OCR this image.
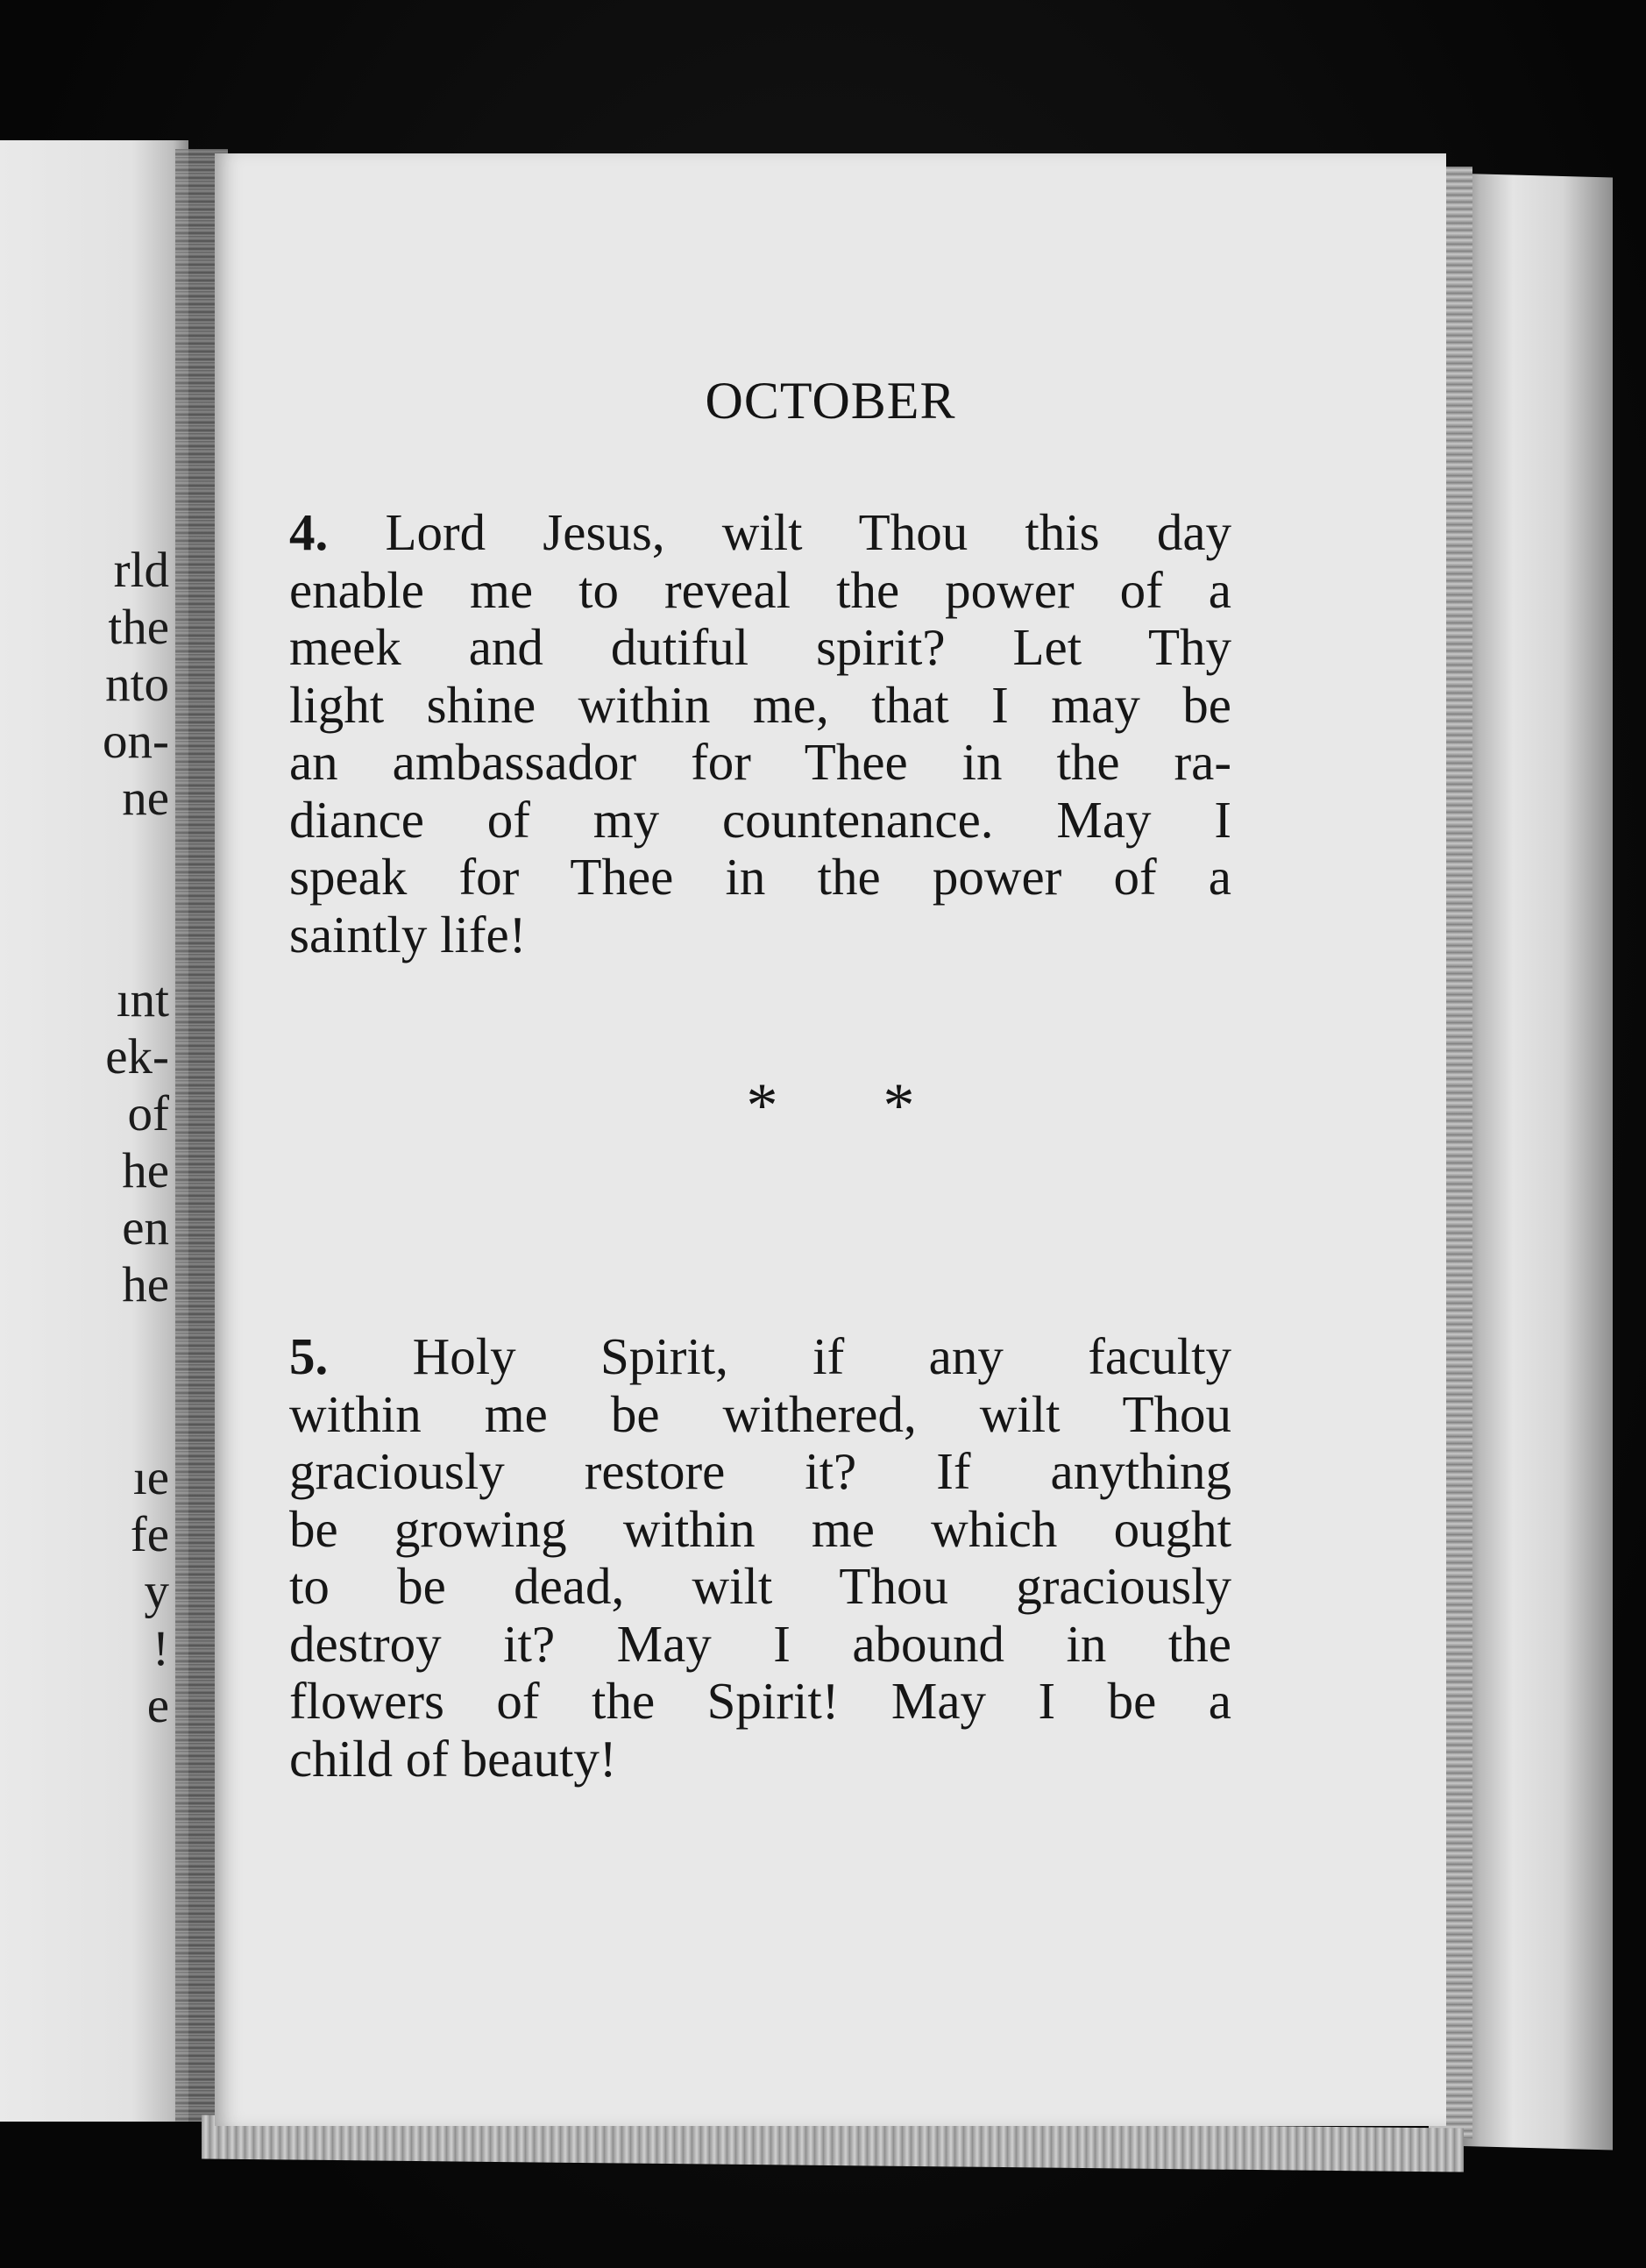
rld
the
nto
on-
ne
ınt
ek-
of
he
en
he
ıe
fe
y
!
e
OCTOBER
4. Lord Jesus, wilt Thou this day
enable me to reveal the power of a
meek and dutiful spirit? Let Thy
light shine within me, that I may be
an ambassador for Thee in the ra-
diance of my countenance. May I
speak for Thee in the power of a
saintly life!
* *
5. Holy Spirit, if any faculty
within me be withered, wilt Thou
graciously restore it? If anything
be growing within me which ought
to be dead, wilt Thou graciously
destroy it? May I abound in the
flowers of the Spirit! May I be a
child of beauty!
